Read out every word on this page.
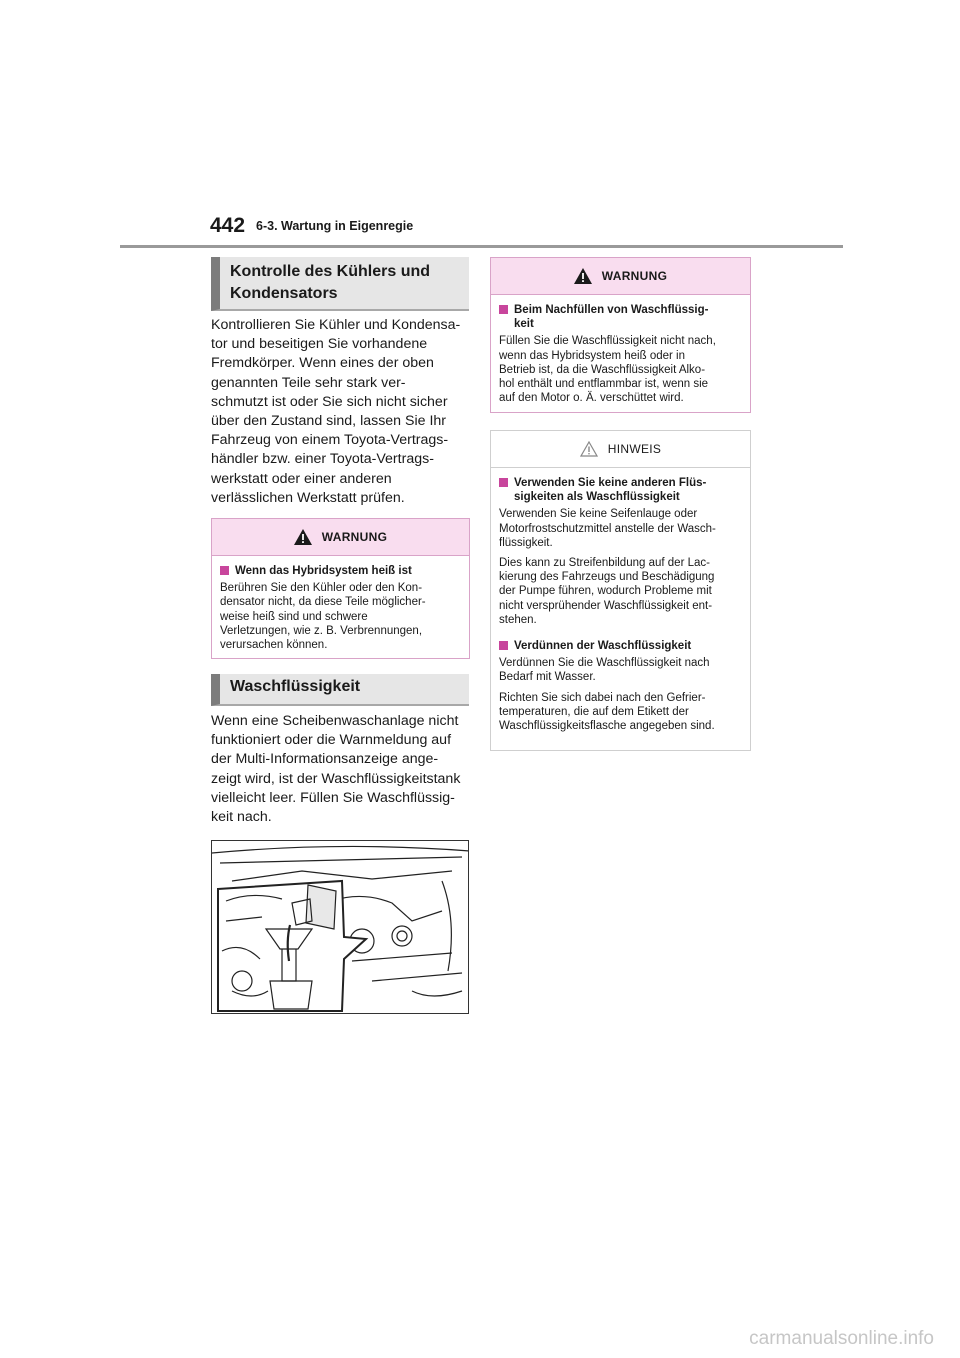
442 6-3. Wartung in Eigenregie
Kontrolle des Kühlers und
Kondensators
Kontrollieren Sie Kühler und Kondensa-
tor und beseitigen Sie vorhandene
Fremdkörper. Wenn eines der oben
genannten Teile sehr stark ver-
schmutzt ist oder Sie sich nicht sicher
über den Zustand sind, lassen Sie Ihr
Fahrzeug von einem Toyota-Vertrags-
händler bzw. einer Toyota-Vertrags-
werkstatt oder einer anderen
verlässlichen Werkstatt prüfen.
WARNUNG
Wenn das Hybridsystem heiß ist
Berühren Sie den Kühler oder den Kon-
densator nicht, da diese Teile möglicher-
weise heiß sind und schwere
Verletzungen, wie z. B. Verbrennungen,
verursachen können.
Waschflüssigkeit
Wenn eine Scheibenwaschanlage nicht
funktioniert oder die Warnmeldung auf
der Multi-Informationsanzeige ange-
zeigt wird, ist der Waschflüssigkeitstank
vielleicht leer. Füllen Sie Waschflüssig-
keit nach.
WARNUNG
Beim Nachfüllen von Waschflüssig-
keit
Füllen Sie die Waschflüssigkeit nicht nach,
wenn das Hybridsystem heiß oder in
Betrieb ist, da die Waschflüssigkeit Alko-
hol enthält und entflammbar ist, wenn sie
auf den Motor o. Ä. verschüttet wird.
HINWEIS
Verwenden Sie keine anderen Flüs-
sigkeiten als Waschflüssigkeit
Verwenden Sie keine Seifenlauge oder
Motorfrostschutzmittel anstelle der Wasch-
flüssigkeit.
Dies kann zu Streifenbildung auf der Lac-
kierung des Fahrzeugs und Beschädigung
der Pumpe führen, wodurch Probleme mit
nicht versprühender Waschflüssigkeit ent-
stehen.
Verdünnen der Waschflüssigkeit
Verdünnen Sie die Waschflüssigkeit nach
Bedarf mit Wasser.
Richten Sie sich dabei nach den Gefrier-
temperaturen, die auf dem Etikett der
Waschflüssigkeitsflasche angegeben sind.
carmanualsonline.info
